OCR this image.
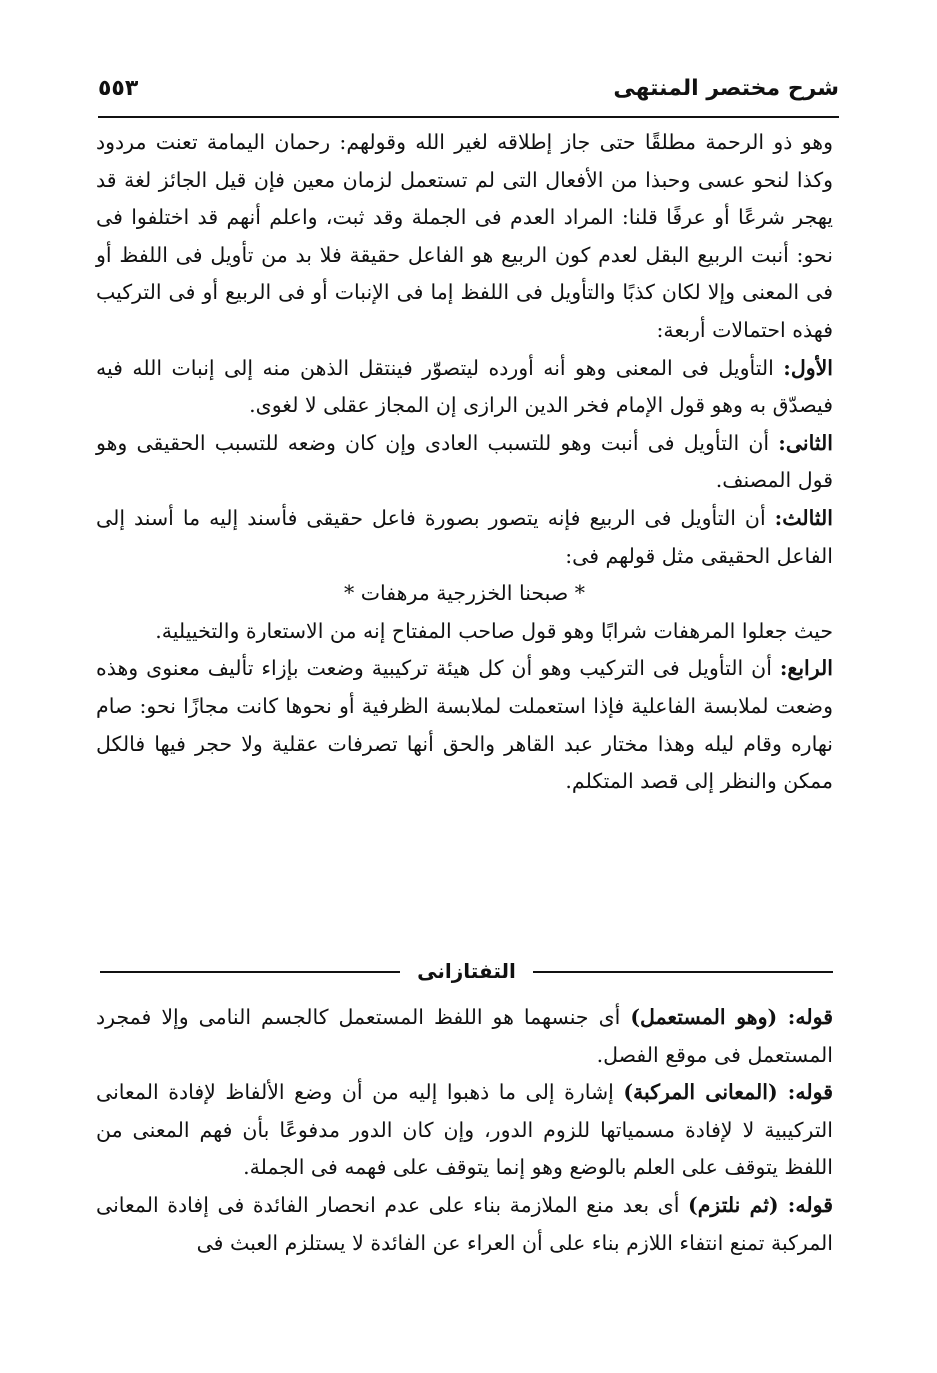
شرح مختصر المنتهى
٥٥٣

وهو ذو الرحمة مطلقًا حتى جاز إطلاقه لغير الله وقولهم: رحمان اليمامة تعنت مردود وكذا لنحو عسى وحبذا من الأفعال التى لم تستعمل لزمان معين فإن قيل الجائز لغة قد يهجر شرعًا أو عرفًا قلنا: المراد العدم فى الجملة وقد ثبت، واعلم أنهم قد اختلفوا فى نحو: أنبت الربيع البقل لعدم كون الربيع هو الفاعل حقيقة فلا بد من تأويل فى اللفظ أو فى المعنى وإلا لكان كذبًا والتأويل فى اللفظ إما فى الإنبات أو فى الربيع أو فى التركيب فهذه احتمالات أربعة:

الأول: التأويل فى المعنى وهو أنه أورده ليتصوّر فينتقل الذهن منه إلى إنبات الله فيه فيصدّق به وهو قول الإمام فخر الدين الرازى إن المجاز عقلى لا لغوى.

الثانى: أن التأويل فى أنبت وهو للتسبب العادى وإن كان وضعه للتسبب الحقيقى وهو قول المصنف.

الثالث: أن التأويل فى الربيع فإنه يتصور بصورة فاعل حقيقى فأسند إليه ما أسند إلى الفاعل الحقيقى مثل قولهم فى:

* صبحنا الخزرجية مرهفات *

حيث جعلوا المرهفات شرابًا وهو قول صاحب المفتاح إنه من الاستعارة والتخييلية.

الرابع: أن التأويل فى التركيب وهو أن كل هيئة تركيبية وضعت بإزاء تأليف معنوى وهذه وضعت لملابسة الفاعلية فإذا استعملت لملابسة الظرفية أو نحوها كانت مجازًا نحو: صام نهاره وقام ليله وهذا مختار عبد القاهر والحق أنها تصرفات عقلية ولا حجر فيها فالكل ممكن والنظر إلى قصد المتكلم.

التفتازانى

قوله: (وهو المستعمل) أى جنسهما هو اللفظ المستعمل كالجسم النامى وإلا فمجرد المستعمل فى موقع الفصل.

قوله: (المعانى المركبة) إشارة إلى ما ذهبوا إليه من أن وضع الألفاظ لإفادة المعانى التركيبية لا لإفادة مسمياتها للزوم الدور، وإن كان الدور مدفوعًا بأن فهم المعنى من اللفظ يتوقف على العلم بالوضع وهو إنما يتوقف على فهمه فى الجملة.

قوله: (ثم نلتزم) أى بعد منع الملازمة بناء على عدم انحصار الفائدة فى إفادة المعانى المركبة تمنع انتفاء اللازم بناء على أن العراء عن الفائدة لا يستلزم العبث فى
